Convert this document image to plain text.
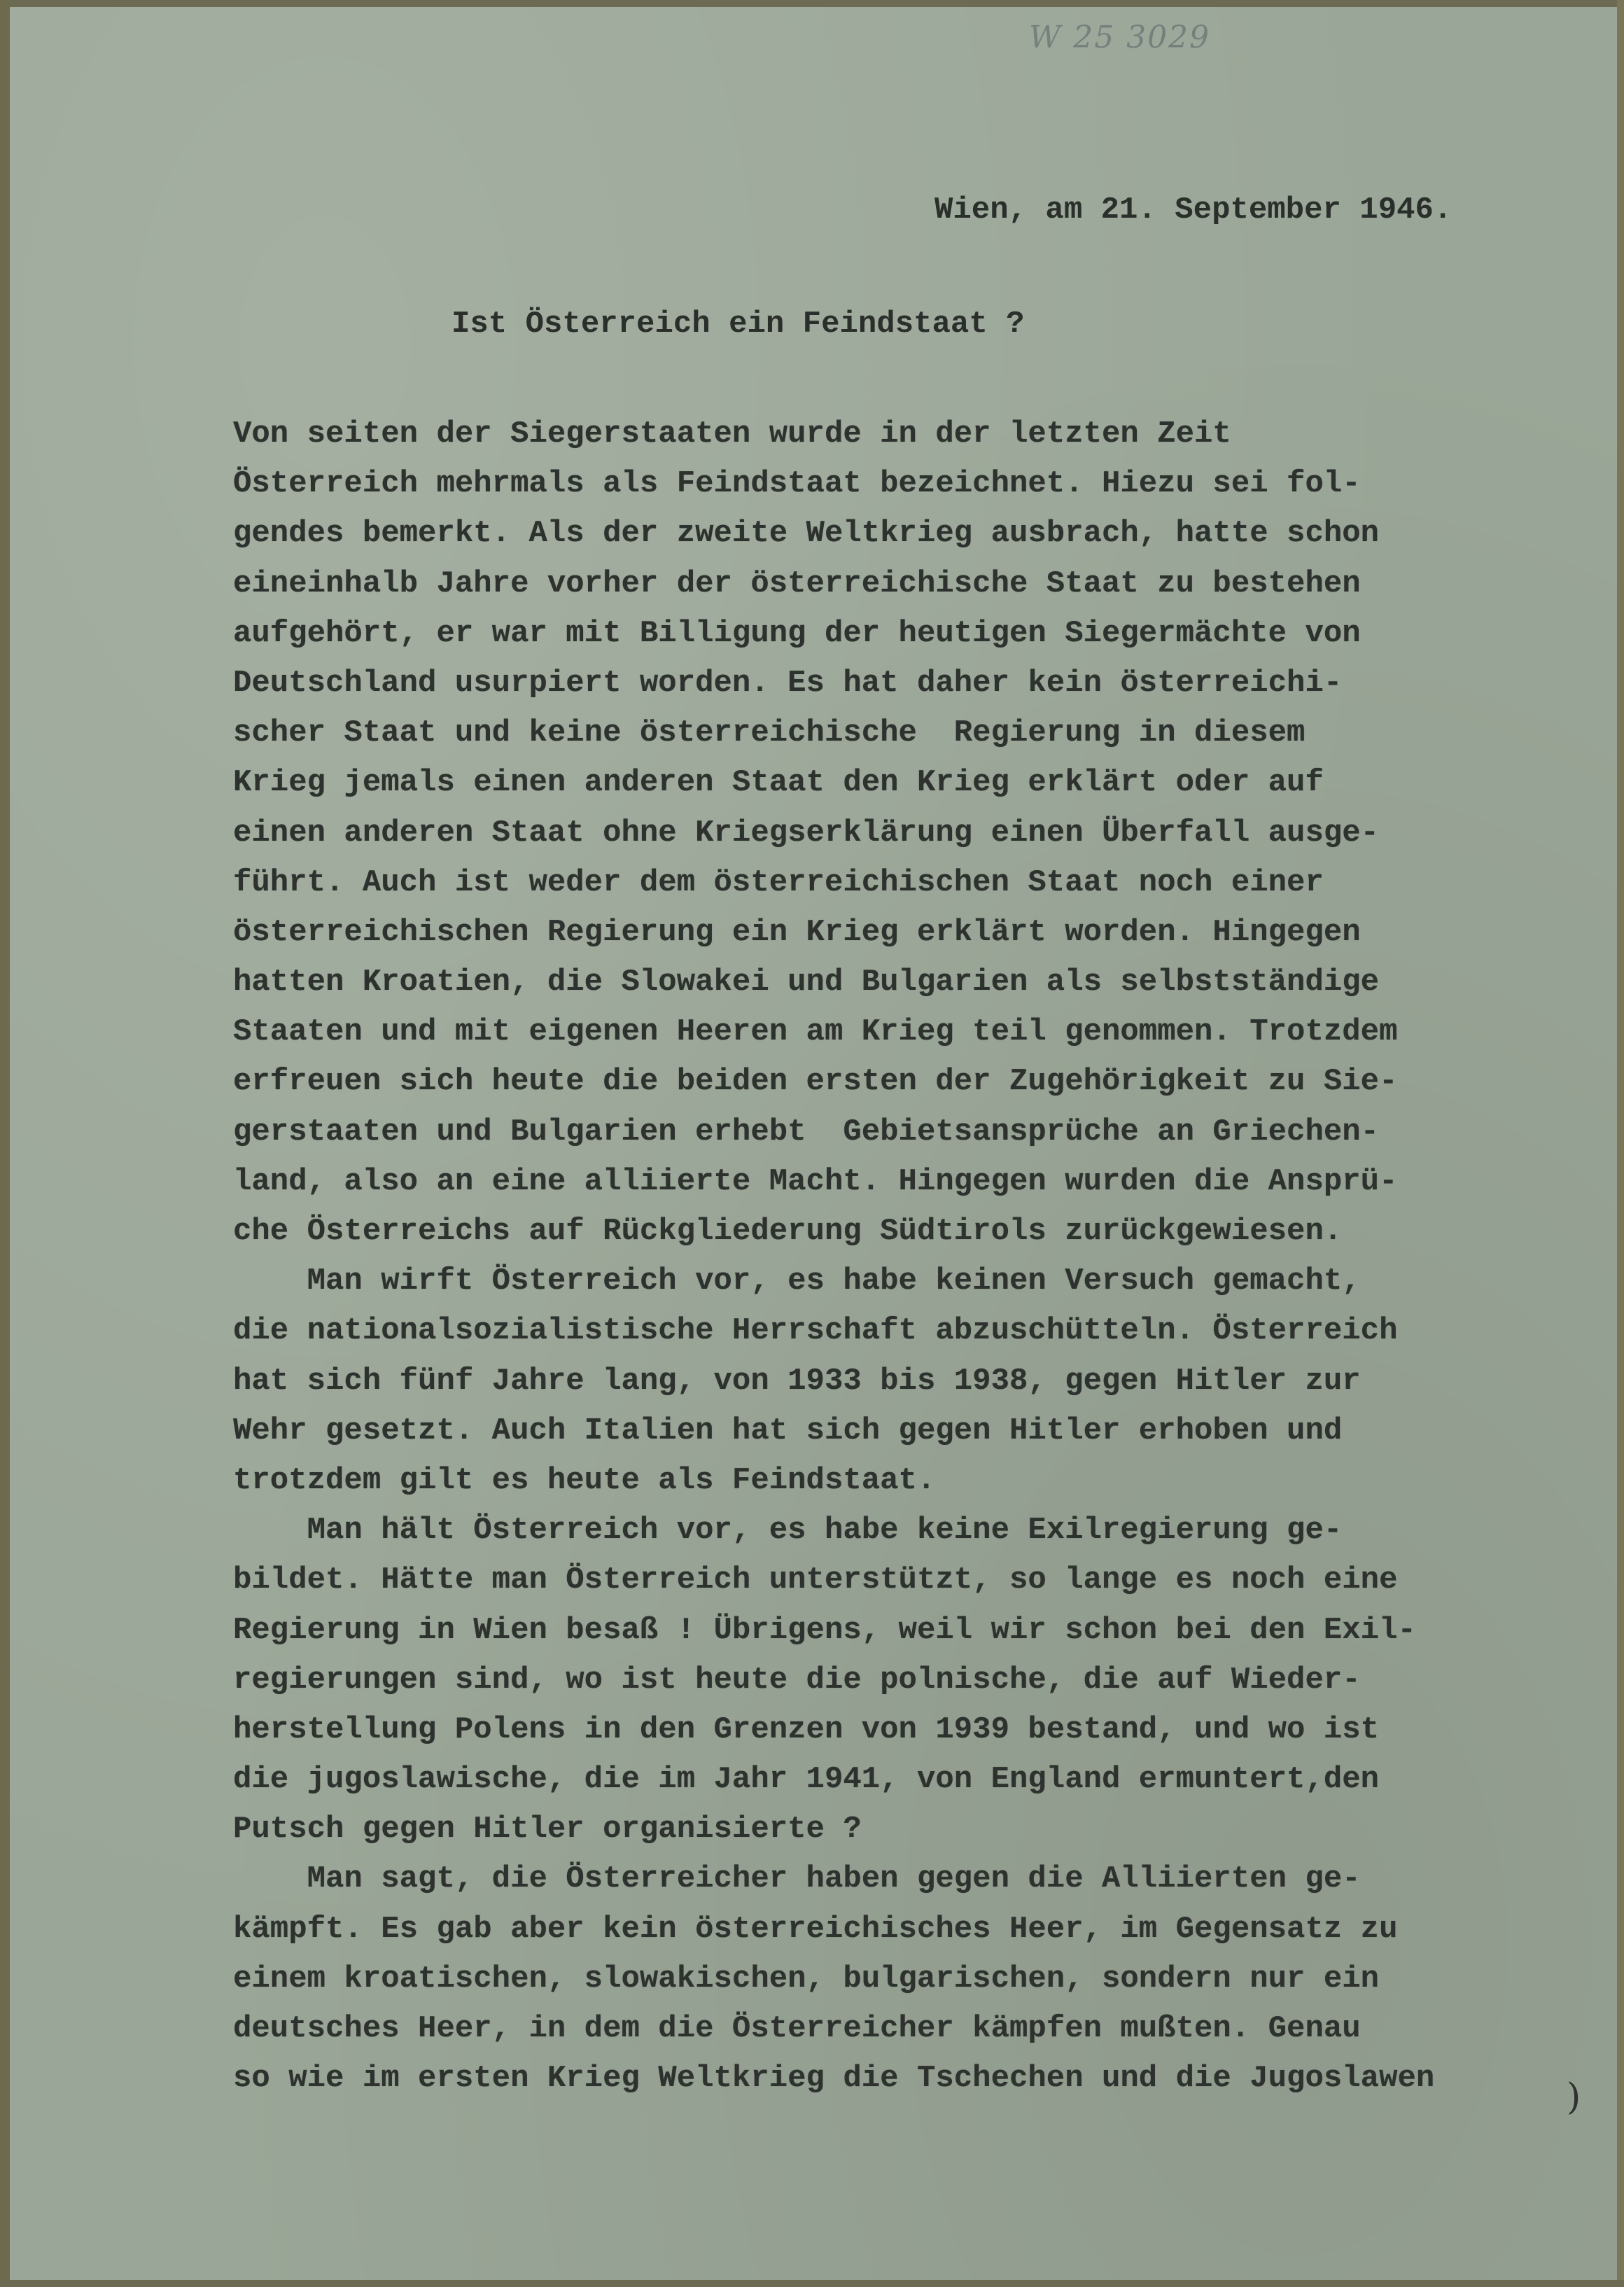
W 25 3029
Wien, am 21. September 1946.
Ist Österreich ein Feindstaat ?
Von seiten der Siegerstaaten wurde in der letzten Zeit
Österreich mehrmals als Feindstaat bezeichnet. Hiezu sei fol-
gendes bemerkt. Als der zweite Weltkrieg ausbrach, hatte schon
eineinhalb Jahre vorher der österreichische Staat zu bestehen
aufgehört, er war mit Billigung der heutigen Siegermächte von
Deutschland usurpiert worden. Es hat daher kein österreichi-
scher Staat und keine österreichische  Regierung in diesem
Krieg jemals einen anderen Staat den Krieg erklärt oder auf
einen anderen Staat ohne Kriegserklärung einen Überfall ausge-
führt. Auch ist weder dem österreichischen Staat noch einer
österreichischen Regierung ein Krieg erklärt worden. Hingegen
hatten Kroatien, die Slowakei und Bulgarien als selbstständige
Staaten und mit eigenen Heeren am Krieg teil genommen. Trotzdem
erfreuen sich heute die beiden ersten der Zugehörigkeit zu Sie-
gerstaaten und Bulgarien erhebt  Gebietsansprüche an Griechen-
land, also an eine alliierte Macht. Hingegen wurden die Ansprü-
che Österreichs auf Rückgliederung Südtirols zurückgewiesen.
Man wirft Österreich vor, es habe keinen Versuch gemacht,
die nationalsozialistische Herrschaft abzuschütteln. Österreich
hat sich fünf Jahre lang, von 1933 bis 1938, gegen Hitler zur
Wehr gesetzt. Auch Italien hat sich gegen Hitler erhoben und
trotzdem gilt es heute als Feindstaat.
Man hält Österreich vor, es habe keine Exilregierung ge-
bildet. Hätte man Österreich unterstützt, so lange es noch eine
Regierung in Wien besaß ! Übrigens, weil wir schon bei den Exil-
regierungen sind, wo ist heute die polnische, die auf Wieder-
herstellung Polens in den Grenzen von 1939 bestand, und wo ist
die jugoslawische, die im Jahr 1941, von England ermuntert,den
Putsch gegen Hitler organisierte ?
Man sagt, die Österreicher haben gegen die Alliierten ge-
kämpft. Es gab aber kein österreichisches Heer, im Gegensatz zu
einem kroatischen, slowakischen, bulgarischen, sondern nur ein
deutsches Heer, in dem die Österreicher kämpfen mußten. Genau
so wie im ersten Krieg Weltkrieg die Tschechen und die Jugoslawen	)
